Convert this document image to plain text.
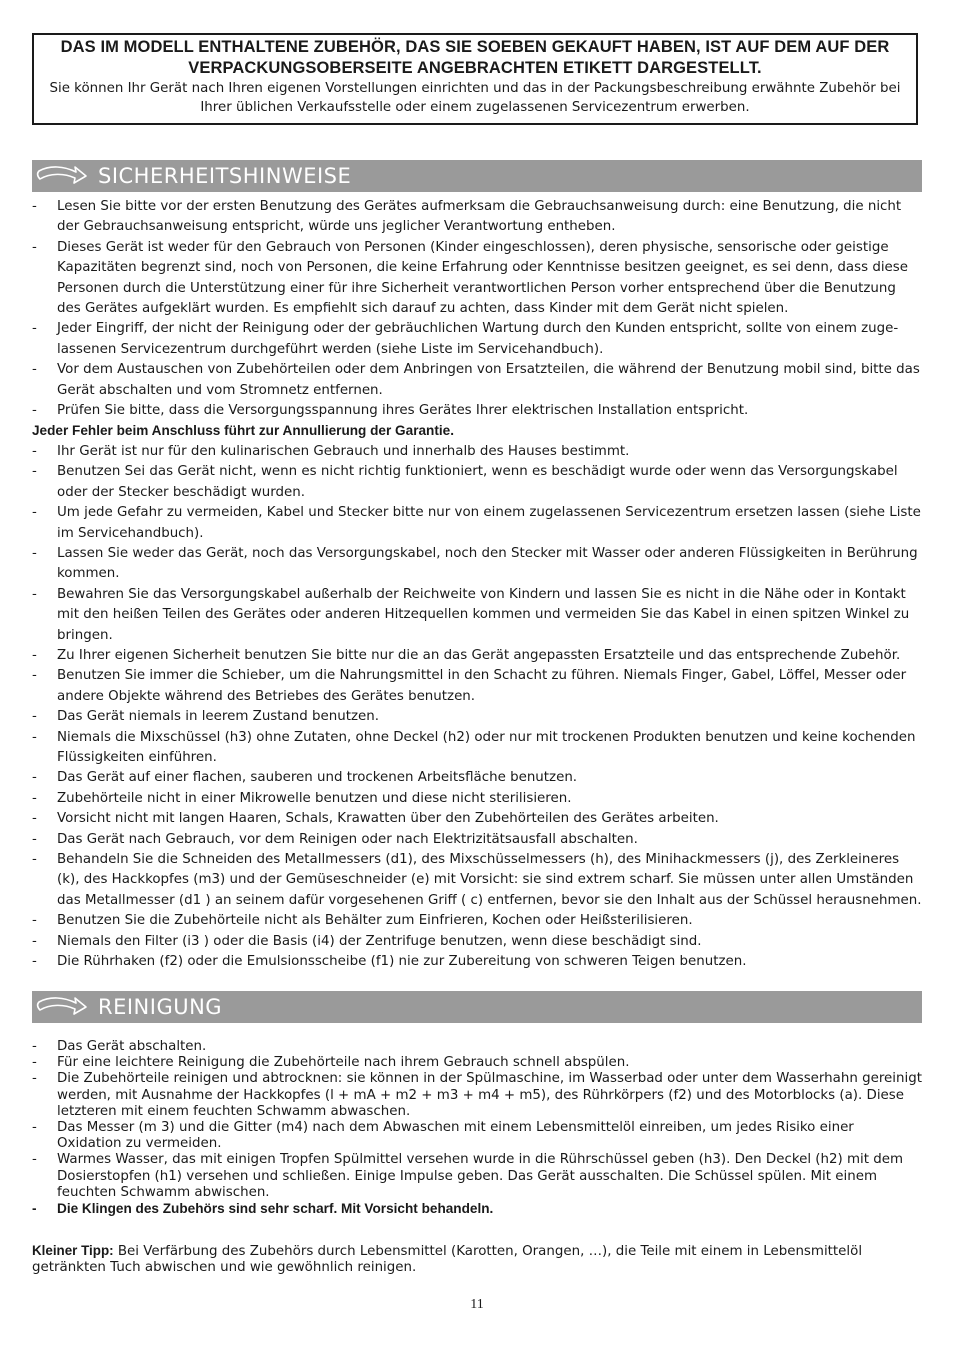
DAS IM MODELL ENTHALTENE ZUBEHÖR, DAS SIE SOEBEN GEKAUFT HABEN, IST AUF DEM AUF DER VERPACKUNGSOBERSEITE ANGEBRACHTEN ETIKETT DARGESTELLT.
Sie können Ihr Gerät nach Ihren eigenen Vorstellungen einrichten und das in der Packungsbeschreibung erwähnte Zubehör bei Ihrer üblichen Verkaufsstelle oder einem zugelassenen Servicezentrum erwerben.
SICHERHEITSHINWEISE
- Lesen Sie bitte vor der ersten Benutzung des Gerätes aufmerksam die Gebrauchsanweisung durch: eine Benutzung, die nicht der Gebrauchsanweisung entspricht, würde uns jeglicher Verantwortung entheben.
- Dieses Gerät ist weder für den Gebrauch von Personen (Kinder eingeschlossen), deren physische, sensorische oder geistige Kapazitäten begrenzt sind, noch von Personen, die keine Erfahrung oder Kenntnisse besitzen geeignet, es sei denn, dass diese Personen durch die Unterstützung einer für ihre Sicherheit verantwortlichen Person vorher entsprechend über die Benutzung des Gerätes aufgeklärt wurden. Es empfiehlt sich darauf zu achten, dass Kinder mit dem Gerät nicht spielen.
- Jeder Eingriff, der nicht der Reinigung oder der gebräuchlichen Wartung durch den Kunden entspricht, sollte von einem zugelassenen Servicezentrum durchgeführt werden (siehe Liste im Servicehandbuch).
- Vor dem Austauschen von Zubehörteilen oder dem Anbringen von Ersatzteilen, die während der Benutzung mobil sind, bitte das Gerät abschalten und vom Stromnetz entfernen.
- Prüfen Sie bitte, dass die Versorgungsspannung ihres Gerätes Ihrer elektrischen Installation entspricht.
Jeder Fehler beim Anschluss führt zur Annullierung der Garantie.
- Ihr Gerät ist nur für den kulinarischen Gebrauch und innerhalb des Hauses bestimmt.
- Benutzen Sei das Gerät nicht, wenn es nicht richtig funktioniert, wenn es beschädigt wurde oder wenn das Versorgungskabel oder der Stecker beschädigt wurden.
- Um jede Gefahr zu vermeiden, Kabel und Stecker bitte nur von einem zugelassenen Servicezentrum ersetzen lassen (siehe Liste im Servicehandbuch).
- Lassen Sie weder das Gerät, noch das Versorgungskabel, noch den Stecker mit Wasser oder anderen Flüssigkeiten in Berührung kommen.
- Bewahren Sie das Versorgungskabel außerhalb der Reichweite von Kindern und lassen Sie es nicht in die Nähe oder in Kontakt mit den heißen Teilen des Gerätes oder anderen Hitzequellen kommen und vermeiden Sie das Kabel in einen spitzen Winkel zu bringen.
- Zu Ihrer eigenen Sicherheit benutzen Sie bitte nur die an das Gerät angepassten Ersatzteile und das entsprechende Zubehör.
- Benutzen Sie immer die Schieber, um die Nahrungsmittel in den Schacht zu führen. Niemals Finger, Gabel, Löffel, Messer oder andere Objekte während des Betriebes des Gerätes benutzen.
- Das Gerät niemals in leerem Zustand benutzen.
- Niemals die Mixschüssel (h3) ohne Zutaten, ohne Deckel (h2) oder nur mit trockenen Produkten benutzen und keine kochenden Flüssigkeiten einführen.
- Das Gerät auf einer flachen, sauberen und trockenen Arbeitsfläche benutzen.
- Zubehörteile nicht in einer Mikrowelle benutzen und diese nicht sterilisieren.
- Vorsicht nicht mit langen Haaren, Schals, Krawatten über den Zubehörteilen des Gerätes arbeiten.
- Das Gerät nach Gebrauch, vor dem Reinigen oder nach Elektrizitätsausfall abschalten.
- Behandeln Sie die Schneiden des Metallmessers (d1), des Mixschüsselmessers (h), des Minihackmessers (j), des Zerkleineres (k), des Hackkopfes (m3) und der Gemüseschneider (e) mit Vorsicht: sie sind extrem scharf. Sie müssen unter allen Umständen das Metallmesser (d1 ) an seinem dafür vorgesehenen Griff ( c) entfernen, bevor sie den Inhalt aus der Schüssel herausnehmen.
- Benutzen Sie die Zubehörteile nicht als Behälter zum Einfrieren, Kochen oder Heißsterilisieren.
- Niemals den Filter (i3 ) oder die Basis (i4) der Zentrifuge benutzen, wenn diese beschädigt sind.
- Die Rührhaken (f2) oder die Emulsionsscheibe (f1) nie zur Zubereitung von schweren Teigen benutzen.
REINIGUNG
- Das Gerät abschalten.
- Für eine leichtere Reinigung die Zubehörteile nach ihrem Gebrauch schnell abspülen.
- Die Zubehörteile reinigen und abtrocknen: sie können in der Spülmaschine, im Wasserbad oder unter dem Wasserhahn gereinigt werden, mit Ausnahme der Hackkopfes (l + mA + m2 + m3 + m4 + m5), des Rührkörpers (f2) und des Motorblocks (a). Diese letzteren mit einem feuchten Schwamm abwaschen.
- Das Messer (m 3) und die Gitter (m4) nach dem Abwaschen mit einem Lebensmittelöl einreiben, um jedes Risiko einer Oxidation zu vermeiden.
- Warmes Wasser, das mit einigen Tropfen Spülmittel versehen wurde in die Rührschüssel geben (h3). Den Deckel (h2) mit dem Dosierstopfen (h1) versehen und schließen. Einige Impulse geben. Das Gerät ausschalten. Die Schüssel spülen. Mit einem feuchten Schwamm abwischen.
- Die Klingen des Zubehörs sind sehr scharf. Mit Vorsicht behandeln.
Kleiner Tipp: Bei Verfärbung des Zubehörs durch Lebensmittel (Karotten, Orangen, …), die Teile mit einem in Lebensmittelöl getränkten Tuch abwischen und wie gewöhnlich reinigen.
11
